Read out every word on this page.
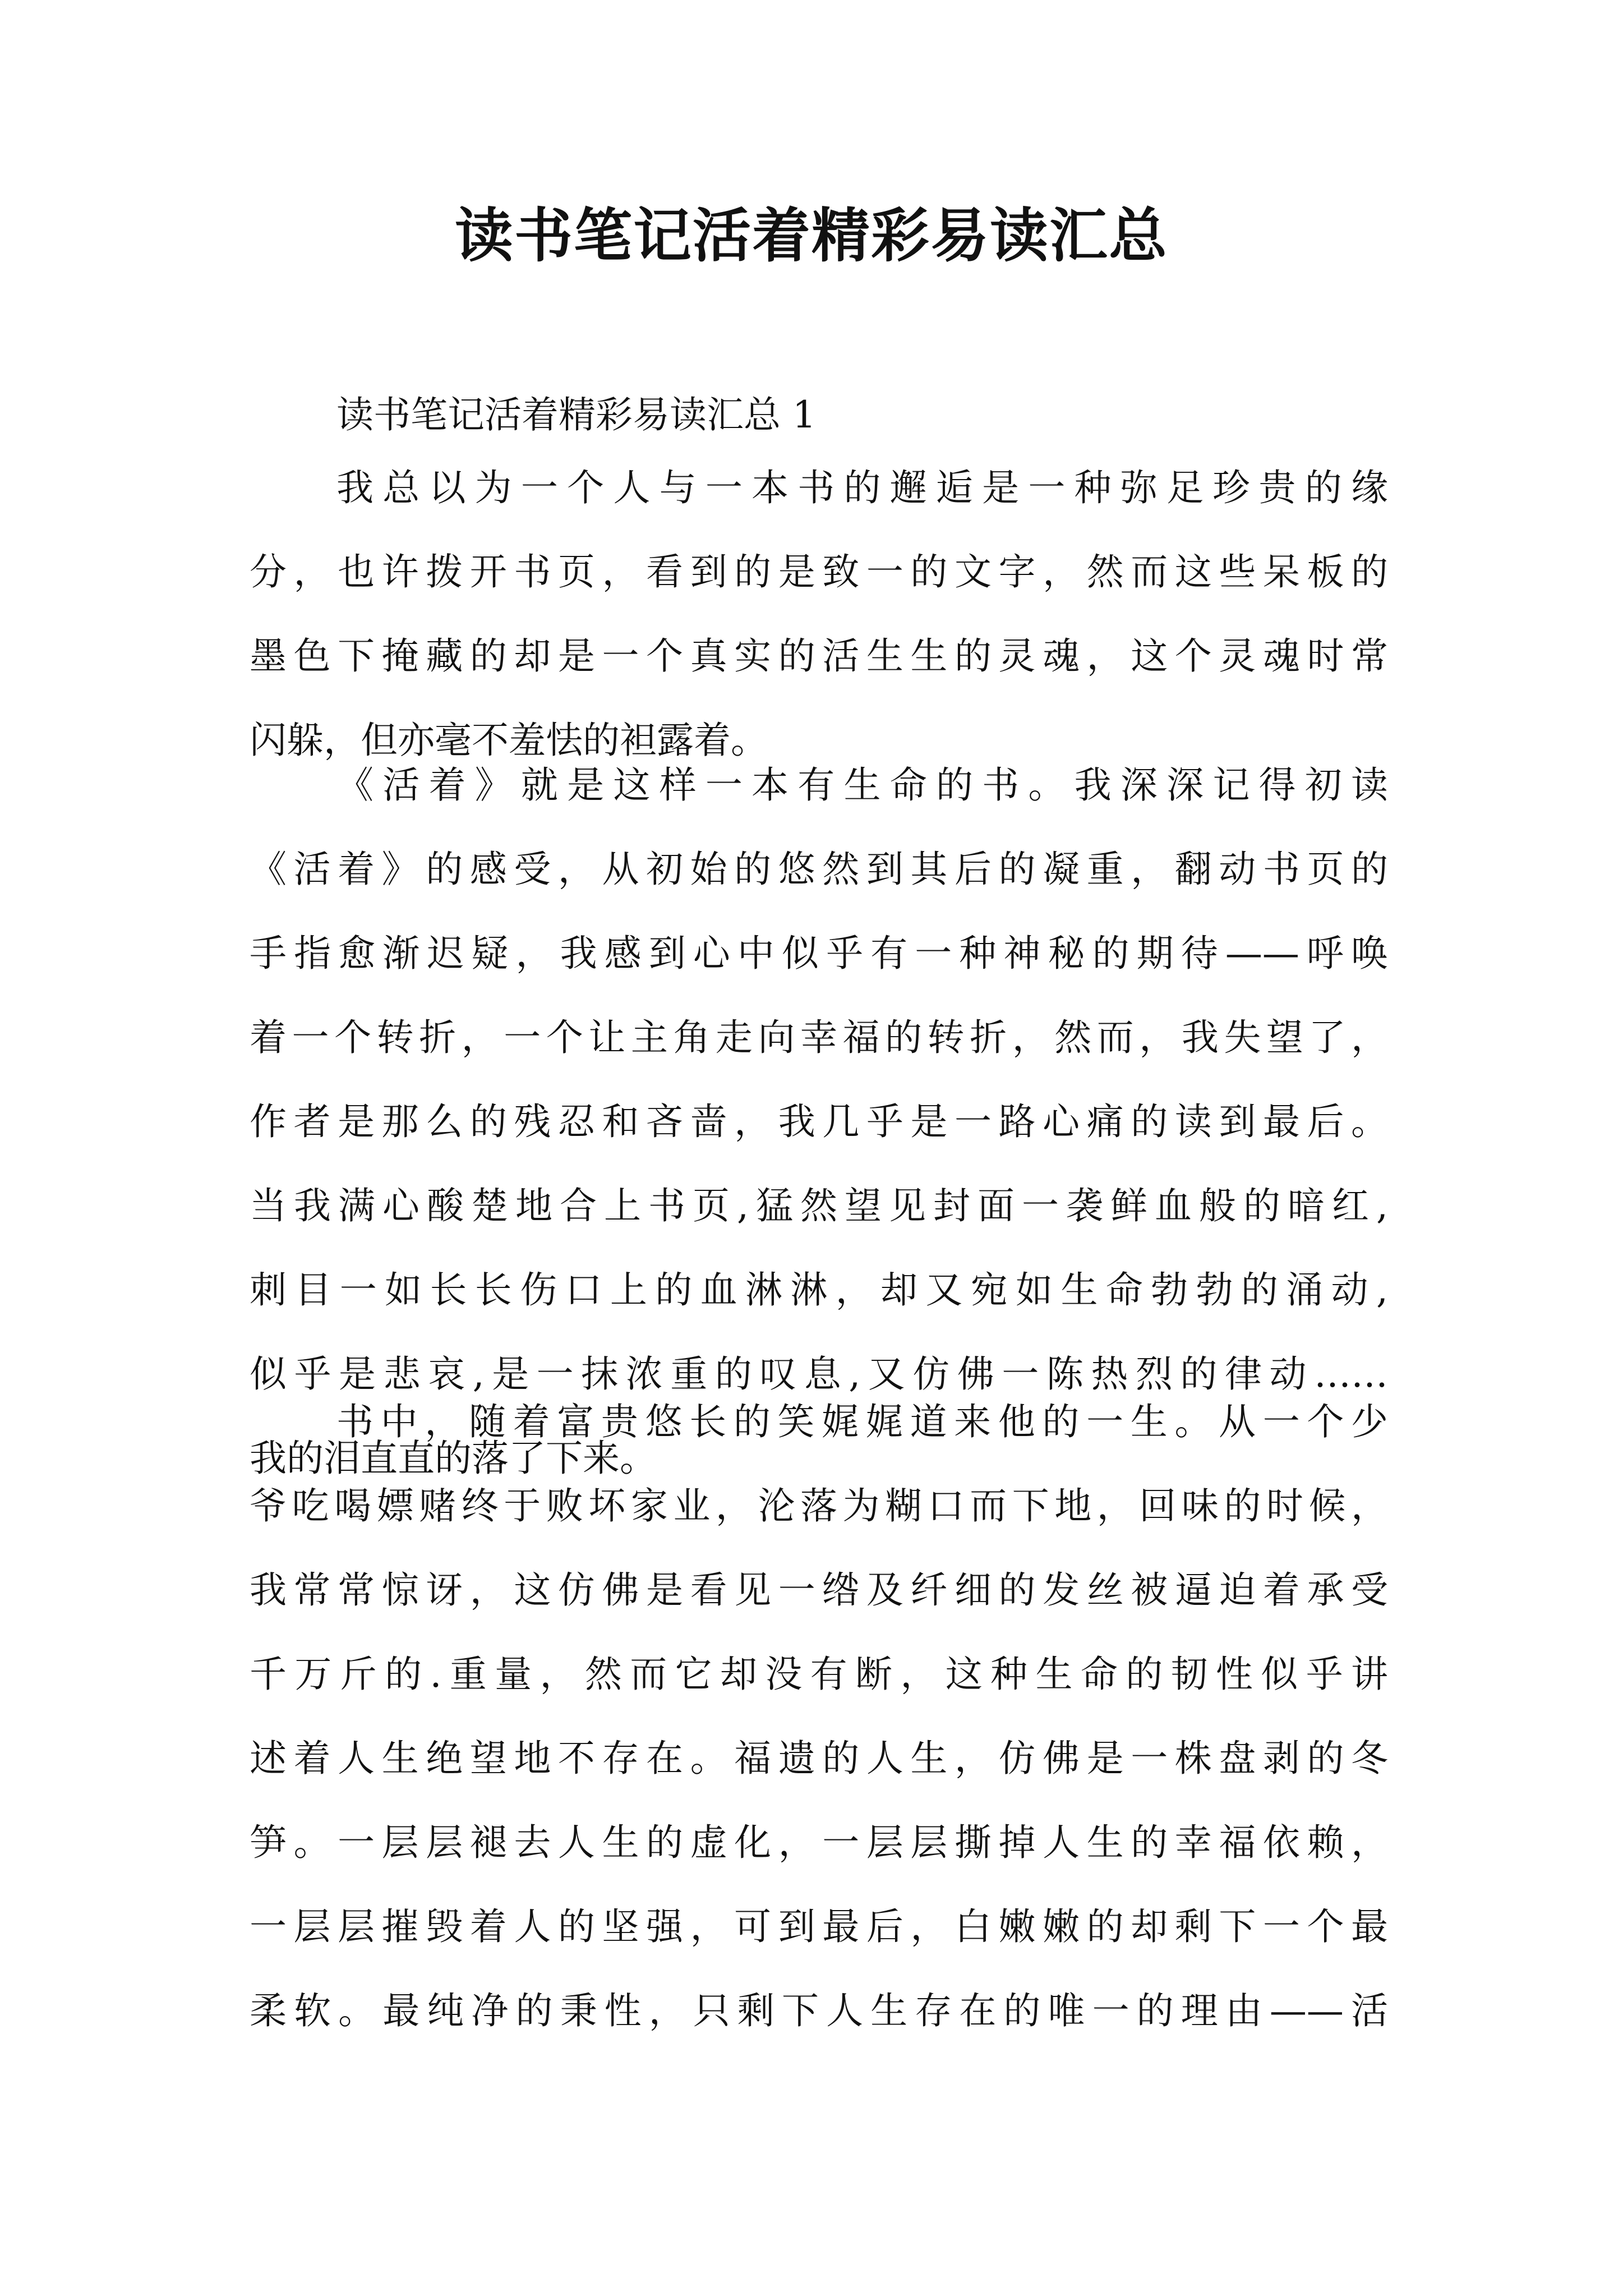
读书笔记活着精彩易读汇总
读书笔记活着精彩易读汇总 1
我总以为一个人与一本书的邂逅是一种弥足珍贵的缘
分，也许拨开书页，看到的是致一的文字，然而这些呆板的
墨色下掩藏的却是一个真实的活生生的灵魂，这个灵魂时常
闪躲，但亦毫不羞怯的袒露着。
《活着》就是这样一本有生命的书。我深深记得初读
《活着》的感受，从初始的悠然到其后的凝重，翻动书页的
手指愈渐迟疑，我感到心中似乎有一种神秘的期待——呼唤
着一个转折，一个让主角走向幸福的转折，然而，我失望了，
作者是那么的残忍和吝啬，我几乎是一路心痛的读到最后。
当我满心酸楚地合上书页,猛然望见封面一袭鲜血般的暗红,
刺目一如长长伤口上的血淋淋，却又宛如生命勃勃的涌动,
似乎是悲哀,是一抹浓重的叹息,又仿佛一陈热烈的律动……
我的泪直直的落了下来。
书中，随着富贵悠长的笑娓娓道来他的一生。从一个少
爷吃喝嫖赌终于败坏家业，沦落为糊口而下地，回味的时候，
我常常惊讶，这仿佛是看见一绺及纤细的发丝被逼迫着承受
千万斤的.重量，然而它却没有断，这种生命的韧性似乎讲
述着人生绝望地不存在。福遗的人生，仿佛是一株盘剥的冬
笋。一层层褪去人生的虚化，一层层撕掉人生的幸福依赖，
一层层摧毁着人的坚强，可到最后，白嫩嫩的却剩下一个最
柔软。最纯净的秉性，只剩下人生存在的唯一的理由——活
